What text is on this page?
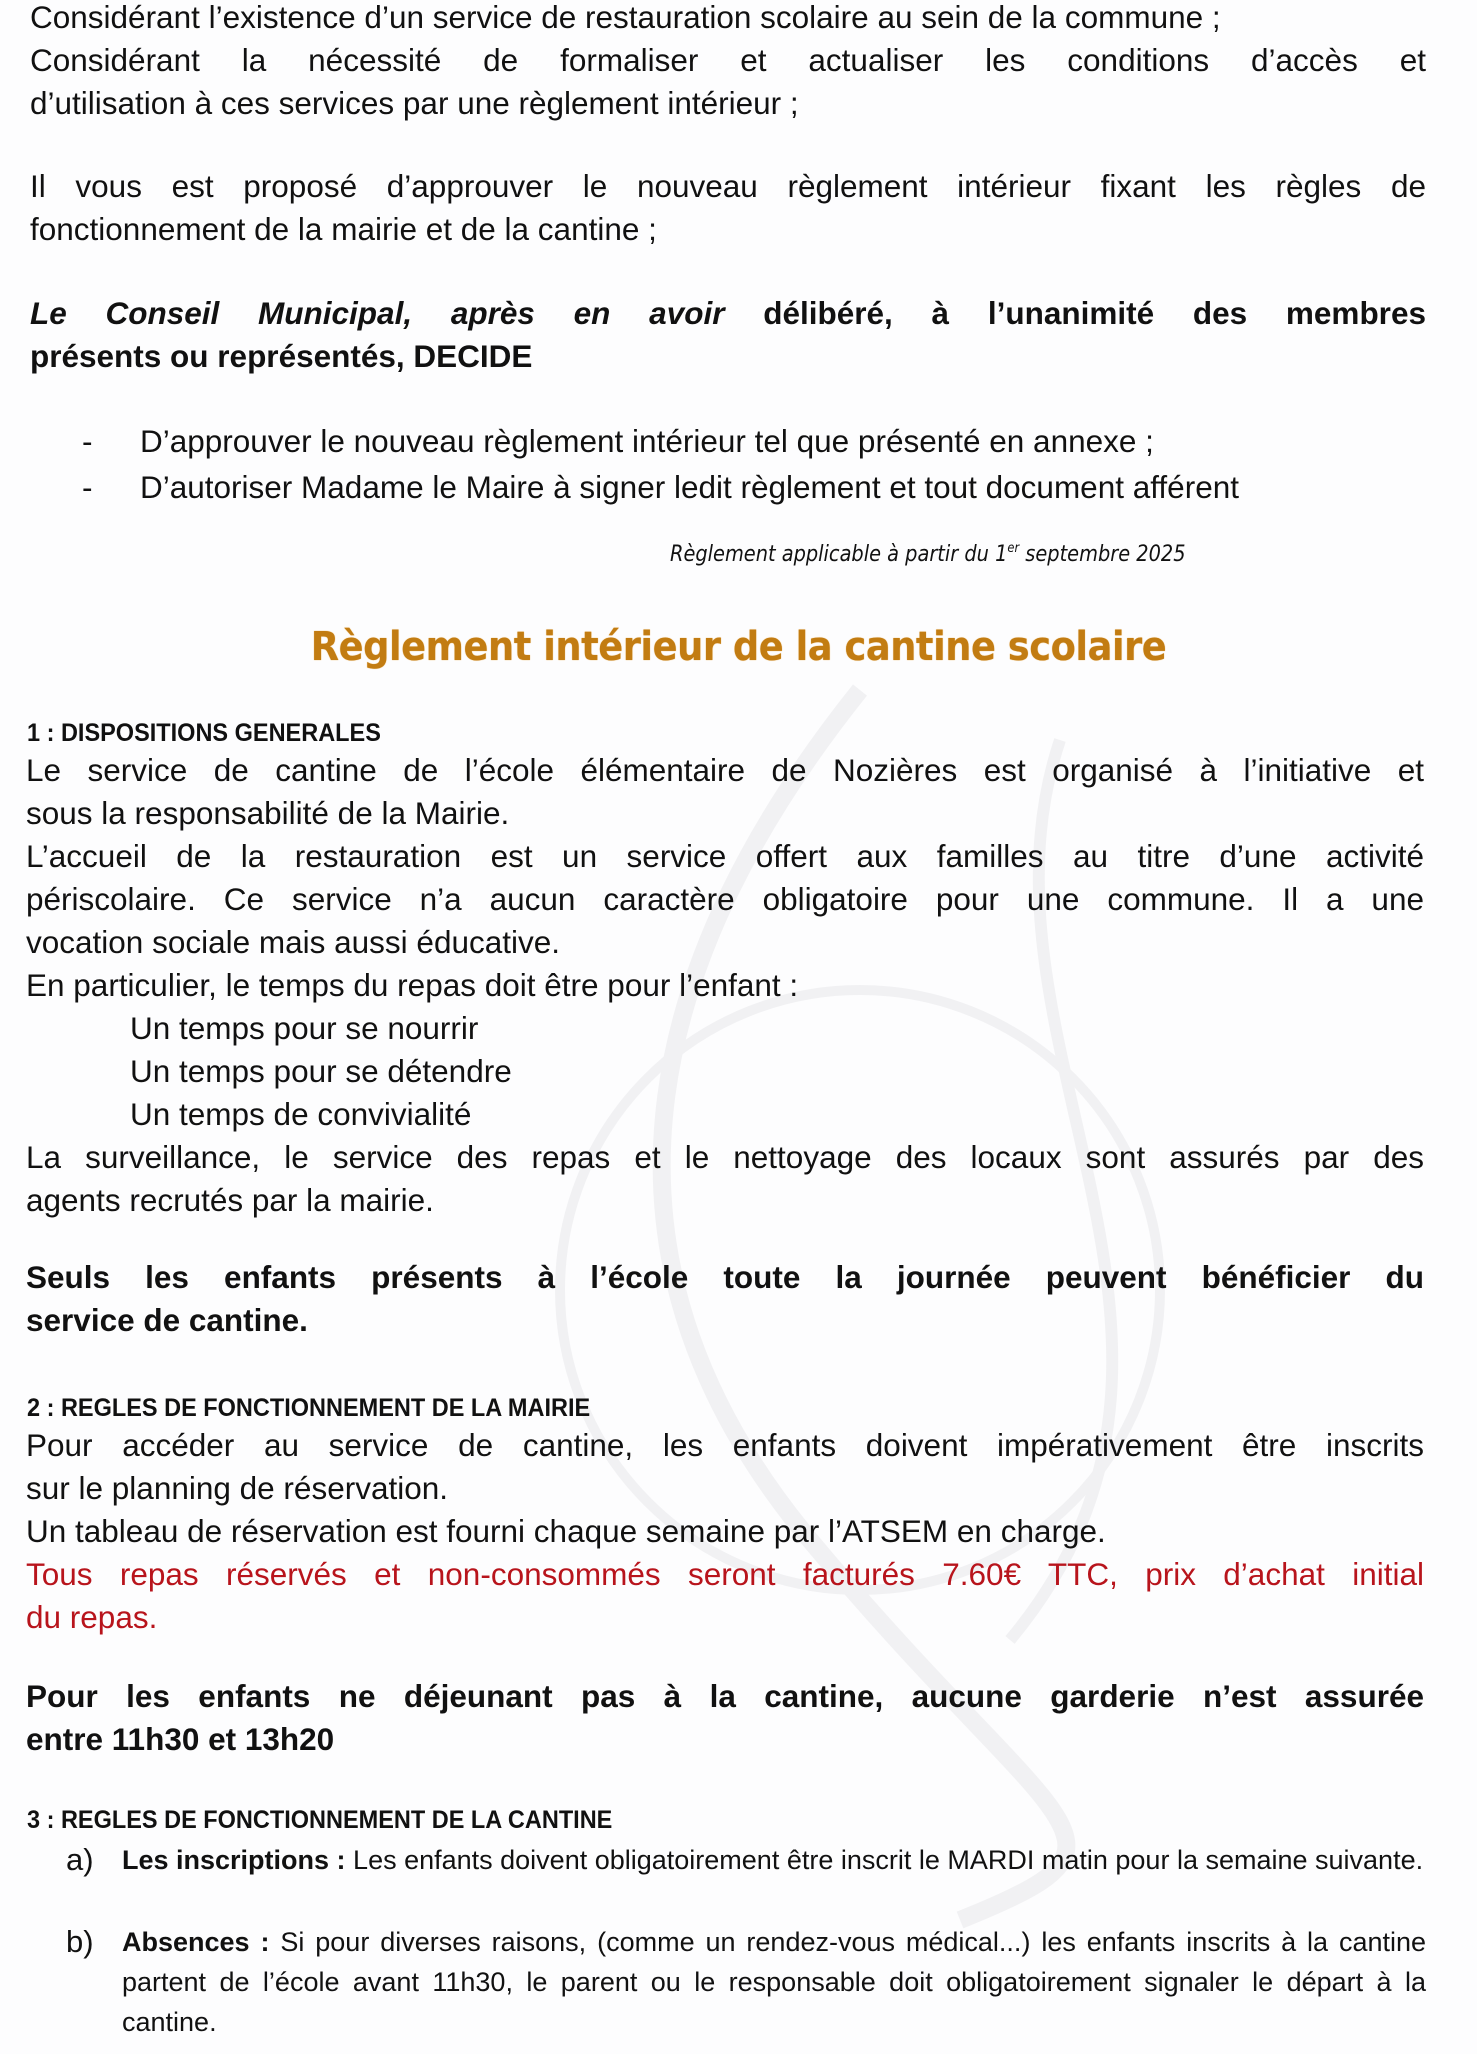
Considérant l’existence d’un service de restauration scolaire au sein de la commune ;
Considérant la nécessité de formaliser et actualiser les conditions d’accès et
d’utilisation à ces services par une règlement intérieur ;
Il vous est proposé d’approuver le nouveau règlement intérieur fixant les règles de
fonctionnement de la mairie et de la cantine ;
Le Conseil Municipal, après en avoir délibéré, à l’unanimité des membres
présents ou représentés, DECIDE
- D’approuver le nouveau règlement intérieur tel que présenté en annexe ;
- D’autoriser Madame le Maire à signer ledit règlement et tout document afférent
Règlement applicable à partir du 1er septembre 2025
Règlement intérieur de la cantine scolaire
1 : DISPOSITIONS GENERALES
Le service de cantine de l’école élémentaire de Nozières est organisé à l’initiative et
sous la responsabilité de la Mairie.
L’accueil de la restauration est un service offert aux familles au titre d’une activité
périscolaire. Ce service n’a aucun caractère obligatoire pour une commune. Il a une
vocation sociale mais aussi éducative.
En particulier, le temps du repas doit être pour l’enfant :
Un temps pour se nourrir
Un temps pour se détendre
Un temps de convivialité
La surveillance, le service des repas et le nettoyage des locaux sont assurés par des
agents recrutés par la mairie.
Seuls les enfants présents à l’école toute la journée peuvent bénéficier du
service de cantine.
2 : REGLES DE FONCTIONNEMENT DE LA MAIRIE
Pour accéder au service de cantine, les enfants doivent impérativement être inscrits
sur le planning de réservation.
Un tableau de réservation est fourni chaque semaine par l’ATSEM en charge.
Tous repas réservés et non-consommés seront facturés 7.60€ TTC, prix d’achat initial
du repas.
Pour les enfants ne déjeunant pas à la cantine, aucune garderie n’est assurée
entre 11h30 et 13h20
3 : REGLES DE FONCTIONNEMENT DE LA CANTINE
a) Les inscriptions : Les enfants doivent obligatoirement être inscrit le MARDI matin pour la semaine suivante.
b) Absences : Si pour diverses raisons, (comme un rendez-vous médical...) les enfants inscrits à la cantine partent de l’école avant 11h30, le parent ou le responsable doit obligatoirement signaler le départ à la cantine.
